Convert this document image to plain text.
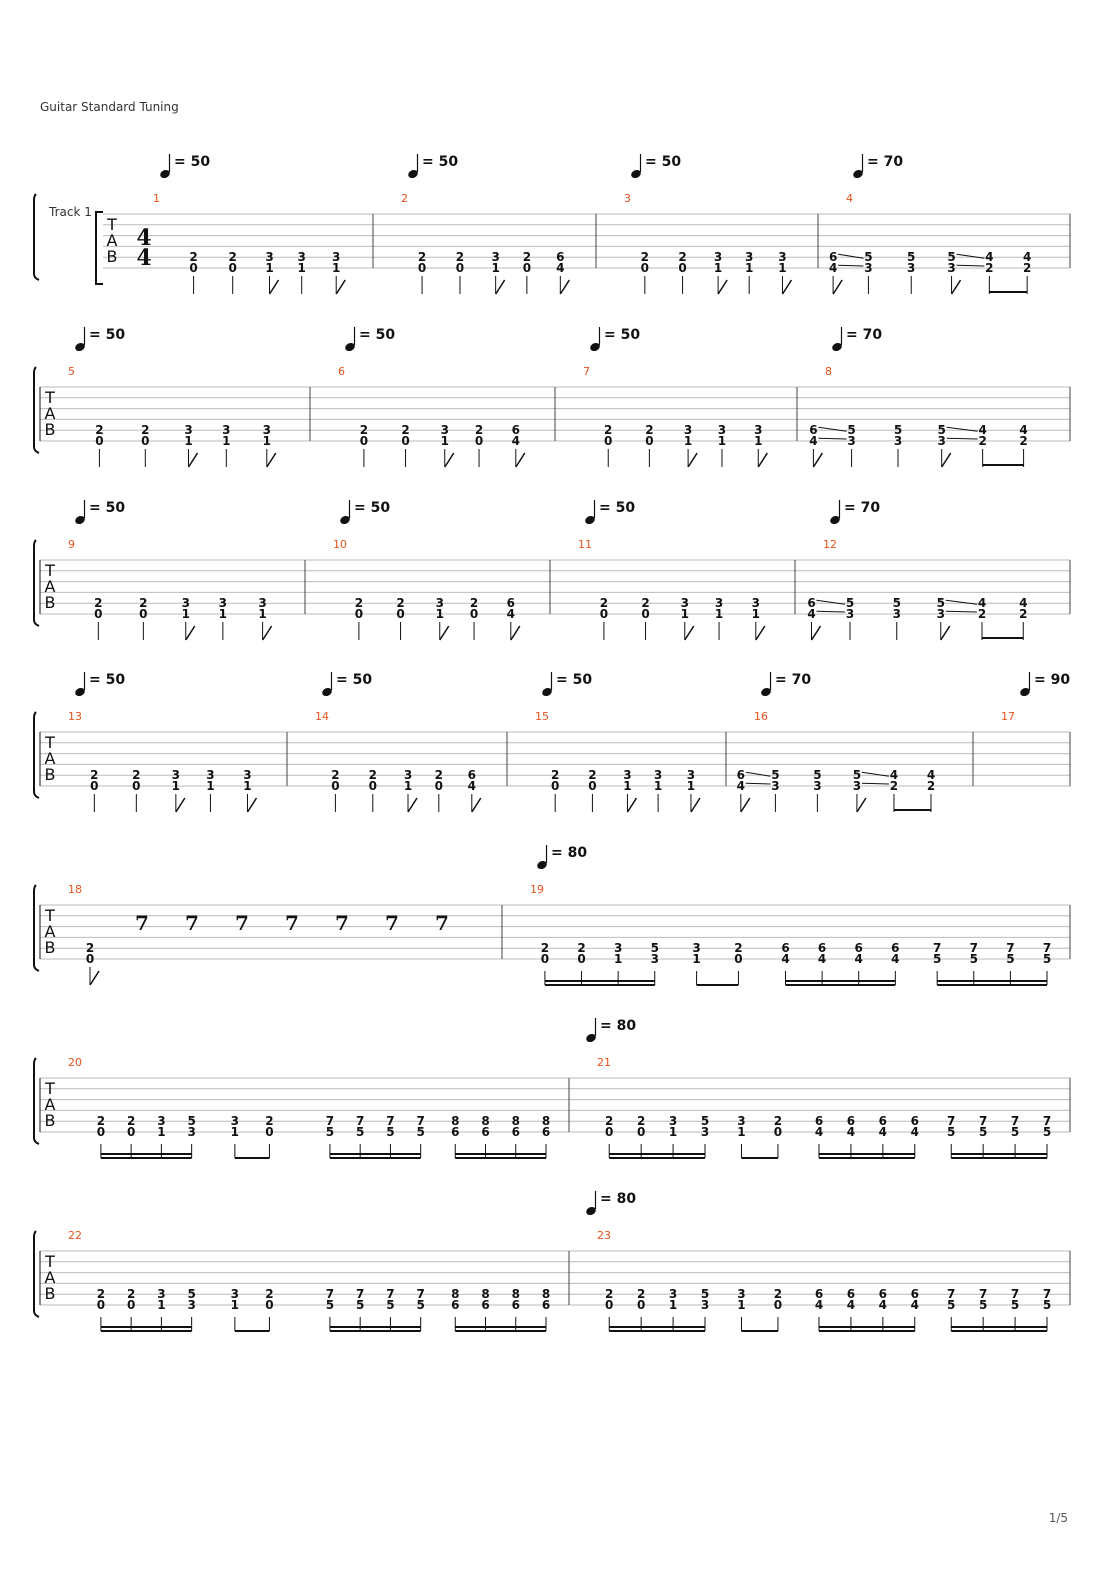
Guitar Standard Tuning
1/5
T
A
B
Track 1
4
4
1
= 50
2
0
2
0
3
1
3
1
3
1
2
= 50
2
0
2
0
3
1
2
0
6
4
3
= 50
2
0
2
0
3
1
3
1
3
1
4
= 70
6
4
5
3
5
3
5
3
4
2
4
2
T
A
B
5
= 50
2
0
2
0
3
1
3
1
3
1
6
= 50
2
0
2
0
3
1
2
0
6
4
7
= 50
2
0
2
0
3
1
3
1
3
1
8
= 70
6
4
5
3
5
3
5
3
4
2
4
2
T
A
B
9
= 50
2
0
2
0
3
1
3
1
3
1
10
= 50
2
0
2
0
3
1
2
0
6
4
11
= 50
2
0
2
0
3
1
3
1
3
1
12
= 70
6
4
5
3
5
3
5
3
4
2
4
2
T
A
B
13
= 50
2
0
2
0
3
1
3
1
3
1
14
= 50
2
0
2
0
3
1
2
0
6
4
15
= 50
2
0
2
0
3
1
3
1
3
1
16
= 70
6
4
5
3
5
3
5
3
4
2
4
2
17
= 90
T
A
B
18
2
0
7 7 7 7 7 7 7
19
= 80
2
0
2
0
3
1
5
3
3
1
2
0
6
4
6
4
6
4
6
4
7
5
7
5
7
5
7
5
T
A
B
20
2
0
2
0
3
1
5
3
3
1
2
0
7
5
7
5
7
5
7
5
8
6
8
6
8
6
8
6
21
= 80
2
0
2
0
3
1
5
3
3
1
2
0
6
4
6
4
6
4
6
4
7
5
7
5
7
5
7
5
T
A
B
22
2
0
2
0
3
1
5
3
3
1
2
0
7
5
7
5
7
5
7
5
8
6
8
6
8
6
8
6
23
= 80
2
0
2
0
3
1
5
3
3
1
2
0
6
4
6
4
6
4
6
4
7
5
7
5
7
5
7
5
